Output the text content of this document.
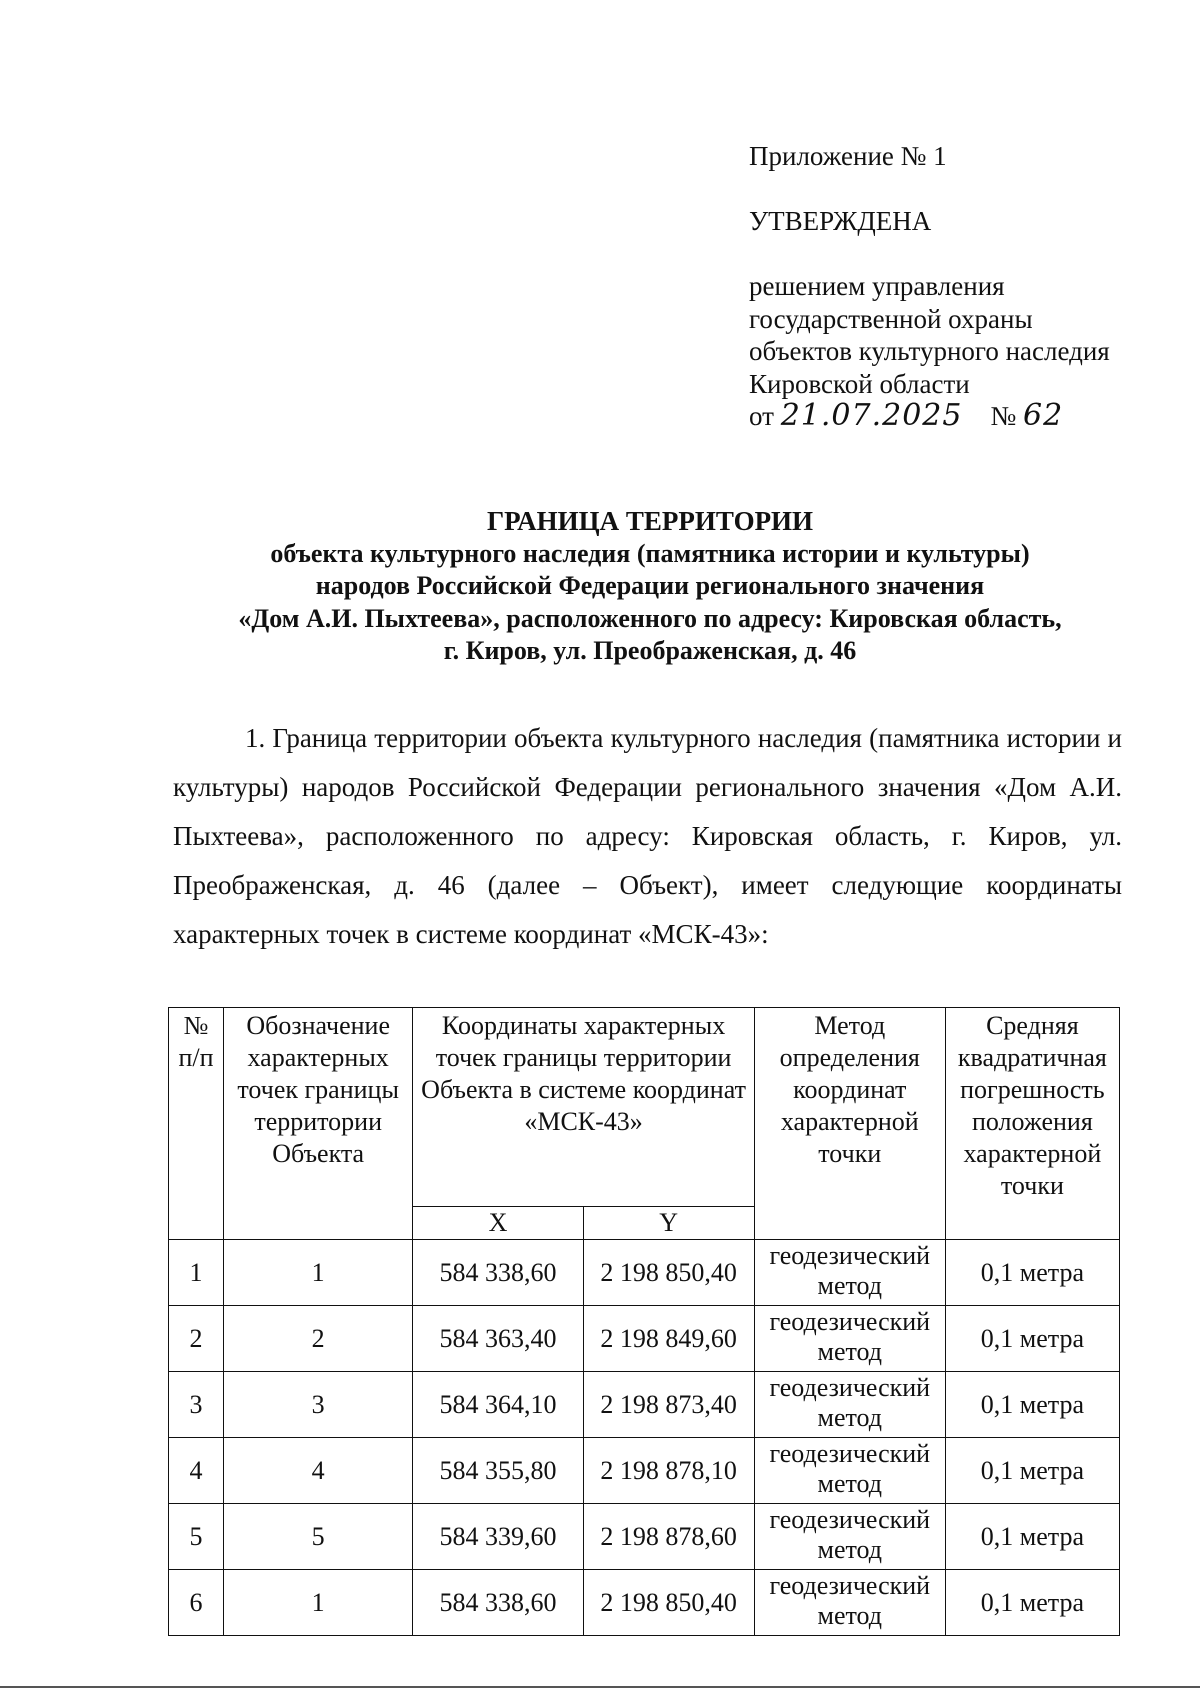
Приложение № 1
УТВЕРЖДЕНА
решением управления
государственной охраны
объектов культурного наследия
Кировской области
от 21.07.2025 № 62
ГРАНИЦА ТЕРРИТОРИИ
объекта культурного наследия (памятника истории и культуры)
народов Российской Федерации регионального значения
«Дом А.И. Пыхтеева», расположенного по адресу: Кировская область,
г. Киров, ул. Преображенская, д. 46
1. Граница территории объекта культурного наследия (памятника истории и культуры) народов Российской Федерации регионального значения «Дом А.И. Пыхтеева», расположенного по адресу: Кировская область, г. Киров, ул. Преображенская, д. 46 (далее – Объект), имеет следующие координаты характерных точек в системе координат «МСК-43»:
№ п/п	Обозначение характерных точек границы территории Объекта	Координаты характерных точек границы территории Объекта в системе координат «МСК-43»		Метод определения координат характерной точки	Средняя квадратичная погрешность положения характерной точки
		X	Y		
1	1	584 338,60	2 198 850,40	геодезический метод	0,1 метра
2	2	584 363,40	2 198 849,60	геодезический метод	0,1 метра
3	3	584 364,10	2 198 873,40	геодезический метод	0,1 метра
4	4	584 355,80	2 198 878,10	геодезический метод	0,1 метра
5	5	584 339,60	2 198 878,60	геодезический метод	0,1 метра
6	1	584 338,60	2 198 850,40	геодезический метод	0,1 метра
